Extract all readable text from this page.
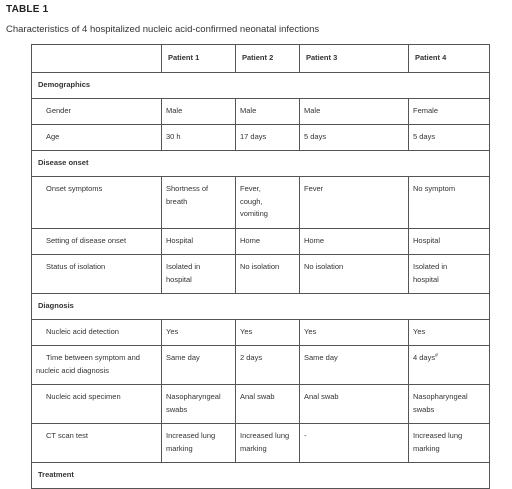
TABLE 1
Characteristics of 4 hospitalized nucleic acid-confirmed neonatal infections
	Patient 1	Patient 2	Patient 3	Patient 4
Demographics				
Gender	Male	Male	Male	Female
Age	30 h	17 days	5 days	5 days
Disease onset				
Onset symptoms	Shortness of breath	Fever, cough, vomiting	Fever	No symptom
Setting of disease onset	Hospital	Home	Home	Hospital
Status of isolation	Isolated in hospital	No isolation	No isolation	Isolated in hospital
Diagnosis				
Nucleic acid detection	Yes	Yes	Yes	Yes
Time between symptom and nucleic acid diagnosis	Same day	2 days	Same day	4 days#
Nucleic acid specimen	Nasopharyngeal swabs	Anal swab	Anal swab	Nasopharyngeal swabs
CT scan test	Increased lung marking	Increased lung marking	-	Increased lung marking
Treatment				
